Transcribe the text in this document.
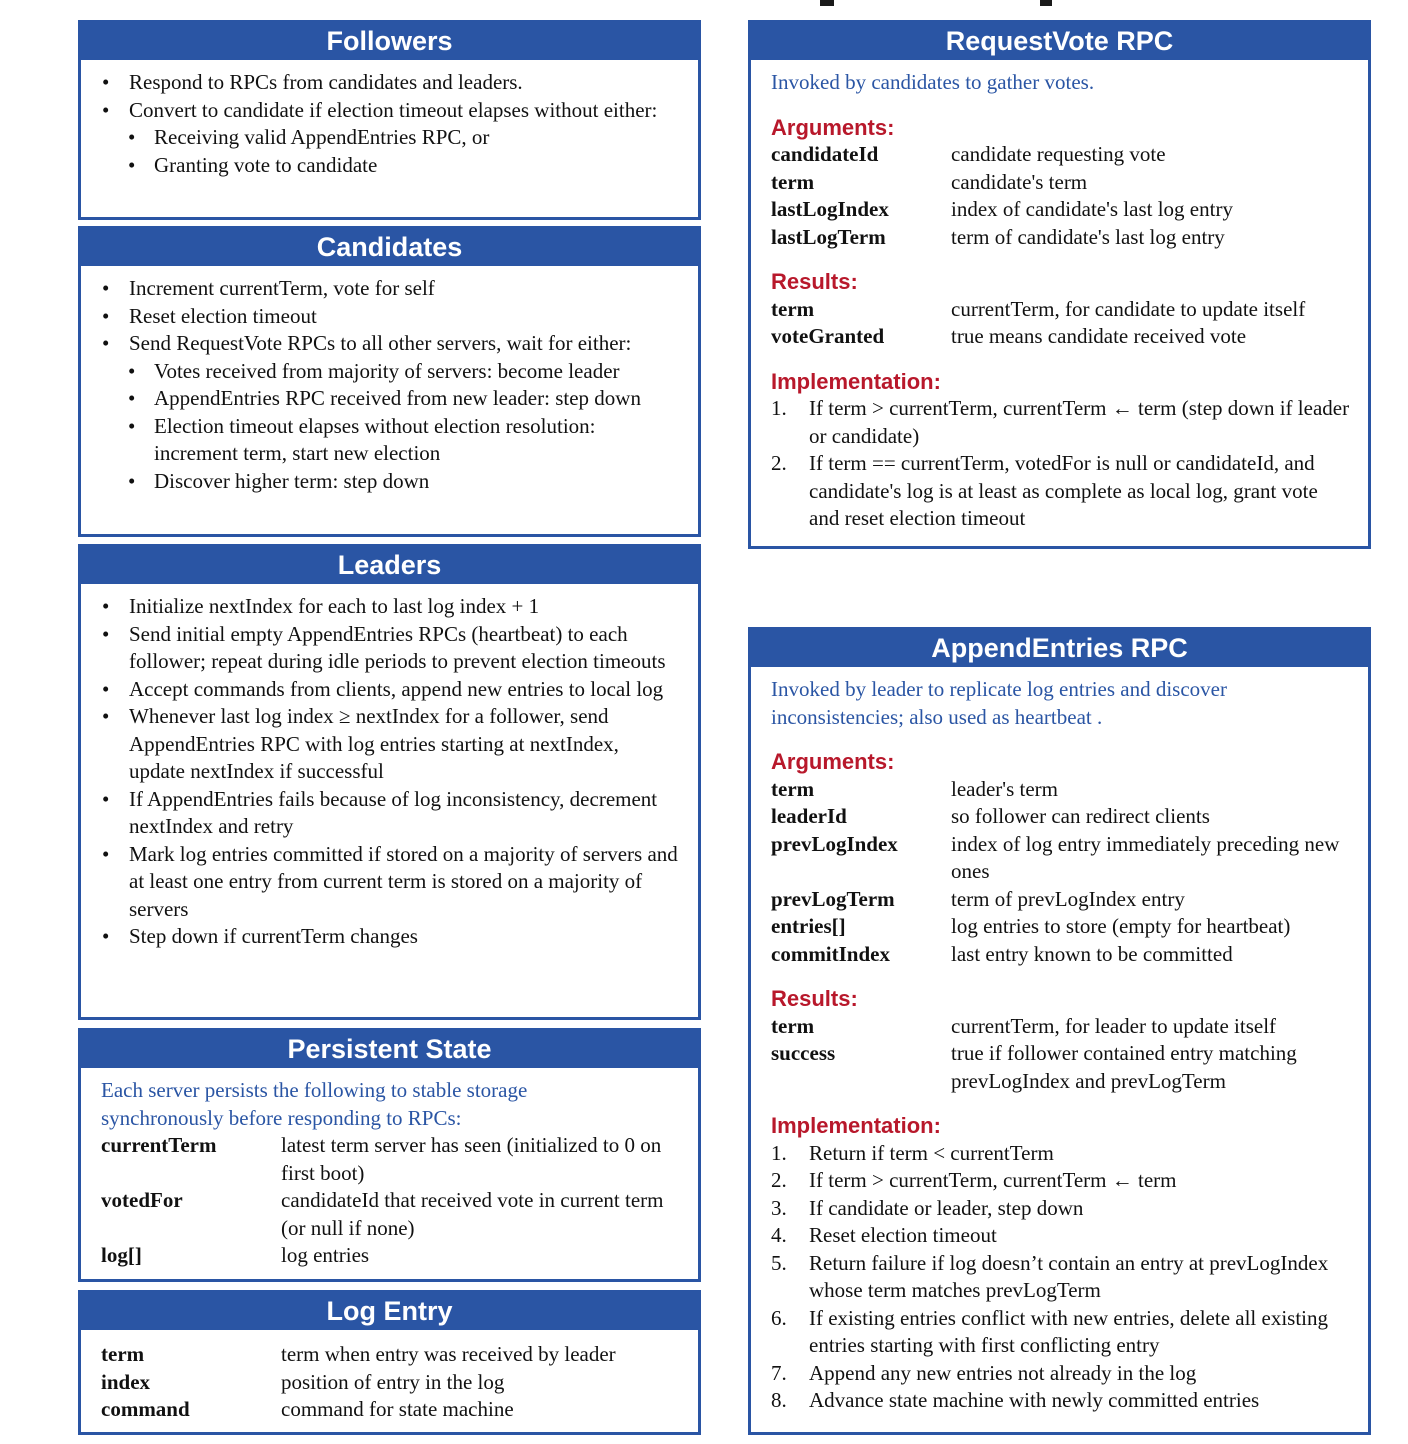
Followers
• Respond to RPCs from candidates and leaders.
• Convert to candidate if election timeout elapses without either:
• Receiving valid AppendEntries RPC, or
• Granting vote to candidate
Candidates
• Increment currentTerm, vote for self
• Reset election timeout
• Send RequestVote RPCs to all other servers, wait for either:
• Votes received from majority of servers: become leader
• AppendEntries RPC received from new leader: step down
• Election timeout elapses without election resolution: increment term, start new election
• Discover higher term: step down
Leaders
• Initialize nextIndex for each to last log index + 1
• Send initial empty AppendEntries RPCs (heartbeat) to each follower; repeat during idle periods to prevent election timeouts
• Accept commands from clients, append new entries to local log
• Whenever last log index ≥ nextIndex for a follower, send AppendEntries RPC with log entries starting at nextIndex, update nextIndex if successful
• If AppendEntries fails because of log inconsistency, decrement nextIndex and retry
• Mark log entries committed if stored on a majority of servers and at least one entry from current term is stored on a majority of servers
• Step down if currentTerm changes
Persistent State
Each server persists the following to stable storage synchronously before responding to RPCs:
currentTerm	latest term server has seen (initialized to 0 on first boot)
votedFor	candidateId that received vote in current term (or null if none)
log[]	log entries
Log Entry
term	term when entry was received by leader
index	position of entry in the log
command	command for state machine
RequestVote RPC
Invoked by candidates to gather votes.
Arguments:
candidateId	candidate requesting vote
term	candidate's term
lastLogIndex	index of candidate's last log entry
lastLogTerm	term of candidate's last log entry
Results:
term	currentTerm, for candidate to update itself
voteGranted	true means candidate received vote
Implementation:
1.	If term > currentTerm, currentTerm ← term (step down if leader or candidate)
2.	If term == currentTerm, votedFor is null or candidateId, and candidate's log is at least as complete as local log, grant vote and reset election timeout
AppendEntries RPC
Invoked by leader to replicate log entries and discover inconsistencies; also used as heartbeat .
Arguments:
term	leader's term
leaderId	so follower can redirect clients
prevLogIndex	index of log entry immediately preceding new ones
prevLogTerm	term of prevLogIndex entry
entries[]	log entries to store (empty for heartbeat)
commitIndex	last entry known to be committed
Results:
term	currentTerm, for leader to update itself
success	true if follower contained entry matching prevLogIndex and prevLogTerm
Implementation:
1.	Return if term < currentTerm
2.	If term > currentTerm, currentTerm ← term
3.	If candidate or leader, step down
4.	Reset election timeout
5.	Return failure if log doesn’t contain an entry at prevLogIndex whose term matches prevLogTerm
6.	If existing entries conflict with new entries, delete all existing entries starting with first conflicting entry
7.	Append any new entries not already in the log
8.	Advance state machine with newly committed entries
